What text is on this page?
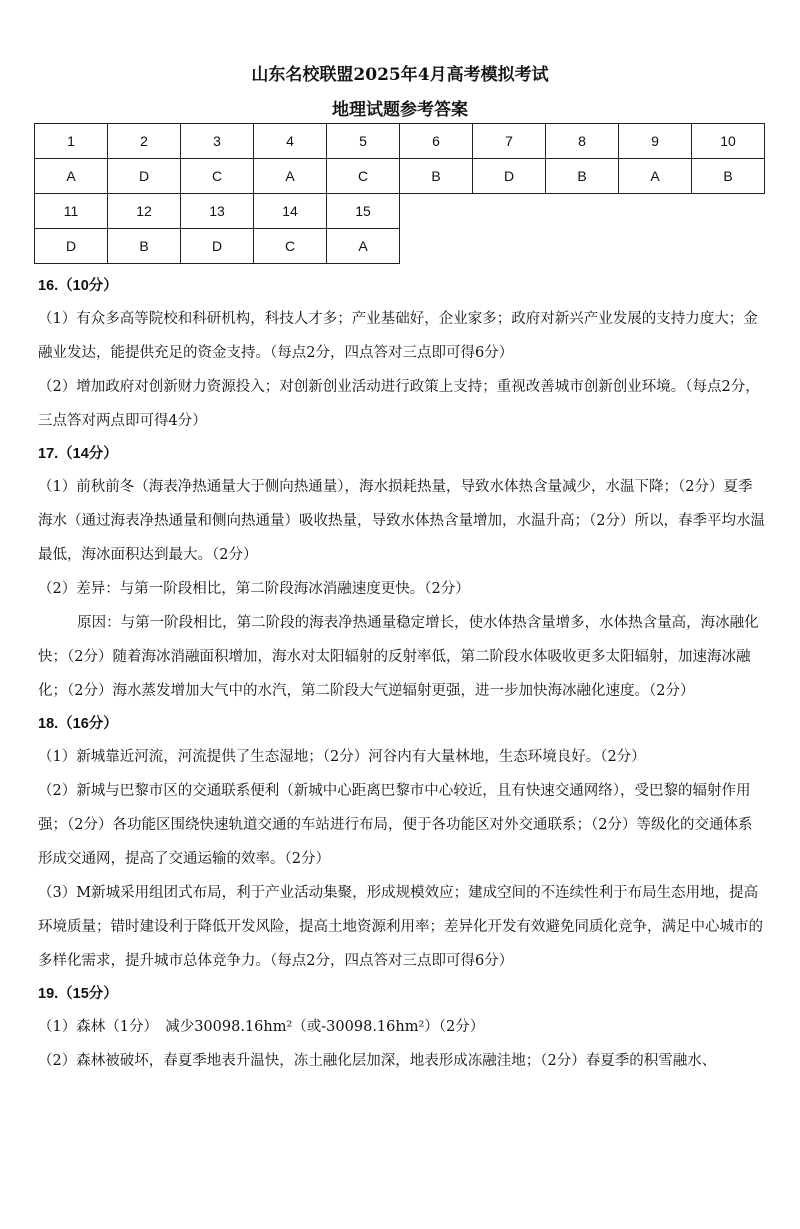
山东名校联盟2025年4月高考模拟考试
地理试题参考答案
1	2	3	4	5	6	7	8	9	10
A	D	C	A	C	B	D	B	A	B
11	12	13	14	15					
D	B	D	C	A					
16.（10分）

（1）有众多高等院校和科研机构，科技人才多；产业基础好，企业家多；政府对新兴产业发展的支持力度大；金融业发达，能提供充足的资金支持。（每点2分，四点答对三点即可得6分）

（2）增加政府对创新财力资源投入；对创新创业活动进行政策上支持；重视改善城市创新创业环境。（每点2分，三点答对两点即可得4分）

17.（14分）

（1）前秋前冬（海表净热通量大于侧向热通量），海水损耗热量，导致水体热含量减少，水温下降；（2分）夏季海水（通过海表净热通量和侧向热通量）吸收热量，导致水体热含量增加，水温升高；（2分）所以，春季平均水温最低，海冰面积达到最大。（2分）

（2）差异：与第一阶段相比，第二阶段海冰消融速度更快。（2分）

原因：与第一阶段相比，第二阶段的海表净热通量稳定增长，使水体热含量增多，水体热含量高，海冰融化快；（2分）随着海冰消融面积增加，海水对太阳辐射的反射率低，第二阶段水体吸收更多太阳辐射，加速海冰融化；（2分）海水蒸发增加大气中的水汽，第二阶段大气逆辐射更强，进一步加快海冰融化速度。（2分）

18.（16分）

（1）新城靠近河流，河流提供了生态湿地；（2分）河谷内有大量林地，生态环境良好。（2分）

（2）新城与巴黎市区的交通联系便利（新城中心距离巴黎市中心较近，且有快速交通网络），受巴黎的辐射作用强；（2分）各功能区围绕快速轨道交通的车站进行布局，便于各功能区对外交通联系；（2分）等级化的交通体系形成交通网，提高了交通运输的效率。（2分）

（3）M新城采用组团式布局，利于产业活动集聚，形成规模效应；建成空间的不连续性利于布局生态用地，提高环境质量；错时建设利于降低开发风险，提高土地资源利用率；差异化开发有效避免同质化竞争，满足中心城市的多样化需求，提升城市总体竞争力。（每点2分，四点答对三点即可得6分）

19.（15分）

（1）森林（1分）　减少30098.16hm²（或-30098.16hm²）（2分）

（2）森林被破坏，春夏季地表升温快，冻土融化层加深，地表形成冻融洼地；（2分）春夏季的积雪融水、
